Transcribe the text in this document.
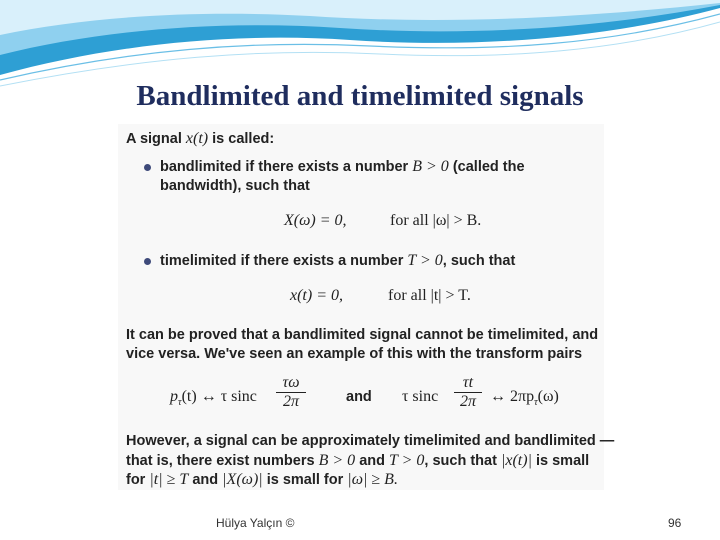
Bandlimited and timelimited signals
A signal x(t) is called:
bandlimited if there exists a number B > 0 (called the
bandwidth), such that
X(ω) = 0,	for all |ω| > B.
timelimited if there exists a number T > 0, such that
x(t) = 0,	for all |t| > T.
It can be proved that a bandlimited signal cannot be timelimited, and
vice versa. We've seen an example of this with the transform pairs
$p_\tau(t)$ ↔ τ sinc $\frac{\tau\omega}{2\pi}$	and τ sinc $\frac{\tau t}{2\pi}$ ↔ $2\pi p_\tau(\omega)$
However, a signal can be approximately timelimited and bandlimited —
that is, there exist numbers B > 0 and T > 0, such that |x(t)| is small
for |t| ≥ T and |X(ω)| is small for |ω| ≥ B.
Hülya Yalçın ©	96
